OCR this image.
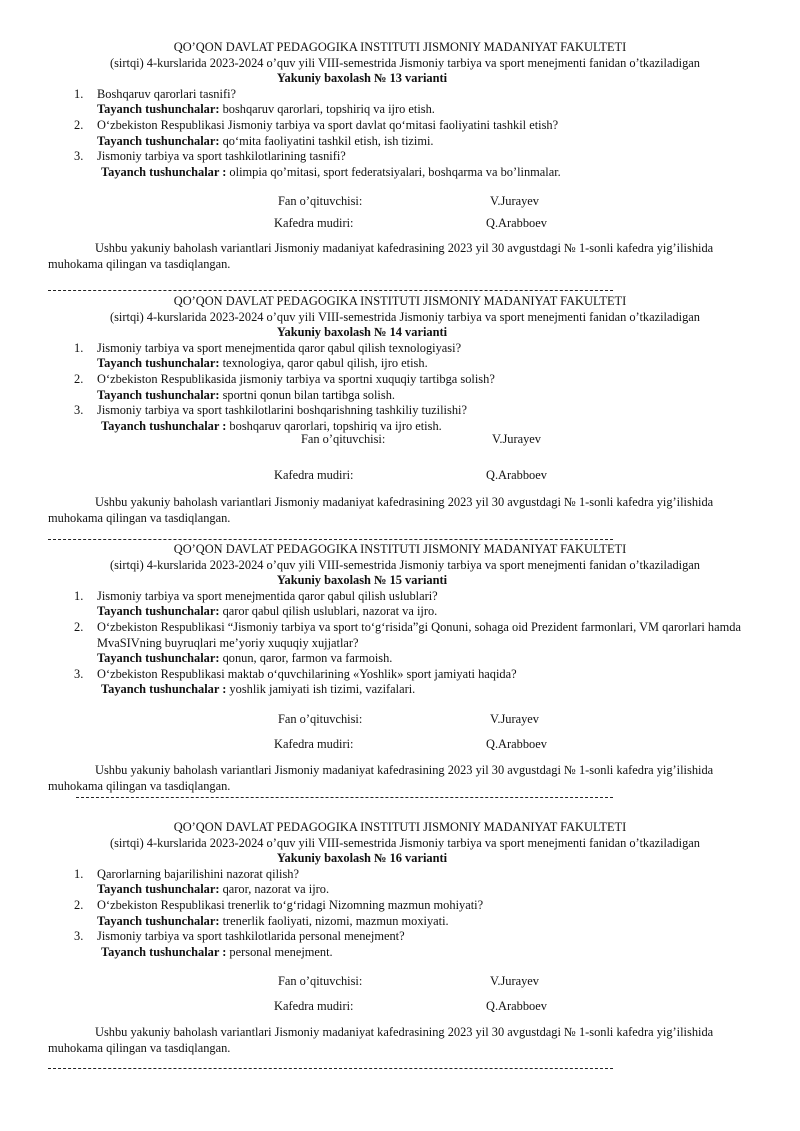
QO’QON DAVLAT PEDAGOGIKA INSTITUTI JISMONIY MADANIYAT FAKULTETI
(sirtqi) 4-kurslarida 2023-2024 o’quv yili VIII-semestrida Jismoniy tarbiya va sport menejmenti fanidan o’tkaziladigan
Yakuniy baxolash № 13 varianti
1. Boshqaruv qarorlari tasnifi?
Tayanch tushunchalar: boshqaruv qarorlari, topshiriq va ijro etish.
2. O‘zbekiston Respublikasi Jismoniy tarbiya va sport davlat qo‘mitasi faoliyatini tashkil etish?
Tayanch tushunchalar: qo‘mita faoliyatini tashkil etish, ish tizimi.
3. Jismoniy tarbiya va sport tashkilotlarining tasnifi?
Tayanch tushunchalar : olimpia qo’mitasi, sport federatsiyalari, boshqarma va bo’linmalar.
Fan o’qituvchisi:	V.Jurayev
Kafedra mudiri:	Q.Arabboev
Ushbu yakuniy baholash variantlari Jismoniy madaniyat kafedrasining 2023 yil 30 avgustdagi № 1-sonli kafedra yig’ilishida muhokama qilingan va tasdiqlangan.
QO’QON DAVLAT PEDAGOGIKA INSTITUTI JISMONIY MADANIYAT FAKULTETI
(sirtqi) 4-kurslarida 2023-2024 o’quv yili VIII-semestrida Jismoniy tarbiya va sport menejmenti fanidan o’tkaziladigan
Yakuniy baxolash № 14 varianti
1. Jismoniy tarbiya va sport menejmentida qaror qabul qilish texnologiyasi?
Tayanch tushunchalar: texnologiya, qaror qabul qilish, ijro etish.
2. O‘zbekiston Respublikasida jismoniy tarbiya va sportni xuquqiy tartibga solish?
Tayanch tushunchalar: sportni qonun bilan tartibga solish.
3. Jismoniy tarbiya va sport tashkilotlarini boshqarishning tashkiliy tuzilishi?
Tayanch tushunchalar : boshqaruv qarorlari, topshiriq va ijro etish.
Fan o’qituvchisi:	V.Jurayev
Kafedra mudiri:	Q.Arabboev
Ushbu yakuniy baholash variantlari Jismoniy madaniyat kafedrasining 2023 yil 30 avgustdagi № 1-sonli kafedra yig’ilishida muhokama qilingan va tasdiqlangan.
QO’QON DAVLAT PEDAGOGIKA INSTITUTI JISMONIY MADANIYAT FAKULTETI
(sirtqi) 4-kurslarida 2023-2024 o’quv yili VIII-semestrida Jismoniy tarbiya va sport menejmenti fanidan o’tkaziladigan
Yakuniy baxolash № 15 varianti
1. Jismoniy tarbiya va sport menejmentida qaror qabul qilish uslublari?
Tayanch tushunchalar: qaror qabul qilish uslublari, nazorat va ijro.
2. O‘zbekiston Respublikasi “Jismoniy tarbiya va sport to‘g‘risida”gi Qonuni, sohaga oid Prezident farmonlari, VM qarorlari hamda MvaSIVning buyruqlari me’yoriy xuquqiy xujjatlar?
Tayanch tushunchalar: qonun, qaror, farmon va farmoish.
3. O‘zbekiston Respublikasi maktab o‘quvchilarining «Yoshlik» sport jamiyati haqida?
Tayanch tushunchalar : yoshlik jamiyati ish tizimi, vazifalari.
Fan o’qituvchisi:	V.Jurayev
Kafedra mudiri:	Q.Arabboev
Ushbu yakuniy baholash variantlari Jismoniy madaniyat kafedrasining 2023 yil 30 avgustdagi № 1-sonli kafedra yig’ilishida muhokama qilingan va tasdiqlangan.
QO’QON DAVLAT PEDAGOGIKA INSTITUTI JISMONIY MADANIYAT FAKULTETI
(sirtqi) 4-kurslarida 2023-2024 o’quv yili VIII-semestrida Jismoniy tarbiya va sport menejmenti fanidan o’tkaziladigan
Yakuniy baxolash № 16 varianti
1. Qarorlarning bajarilishini nazorat qilish?
Tayanch tushunchalar: qaror, nazorat va ijro.
2. O‘zbekiston Respublikasi trenerlik to‘g‘ridagi Nizomning mazmun mohiyati?
Tayanch tushunchalar: trenerlik faoliyati, nizomi, mazmun moxiyati.
3. Jismoniy tarbiya va sport tashkilotlarida personal menejment?
Tayanch tushunchalar : personal menejment.
Fan o’qituvchisi:	V.Jurayev
Kafedra mudiri:	Q.Arabboev
Ushbu yakuniy baholash variantlari Jismoniy madaniyat kafedrasining 2023 yil 30 avgustdagi № 1-sonli kafedra yig’ilishida muhokama qilingan va tasdiqlangan.
